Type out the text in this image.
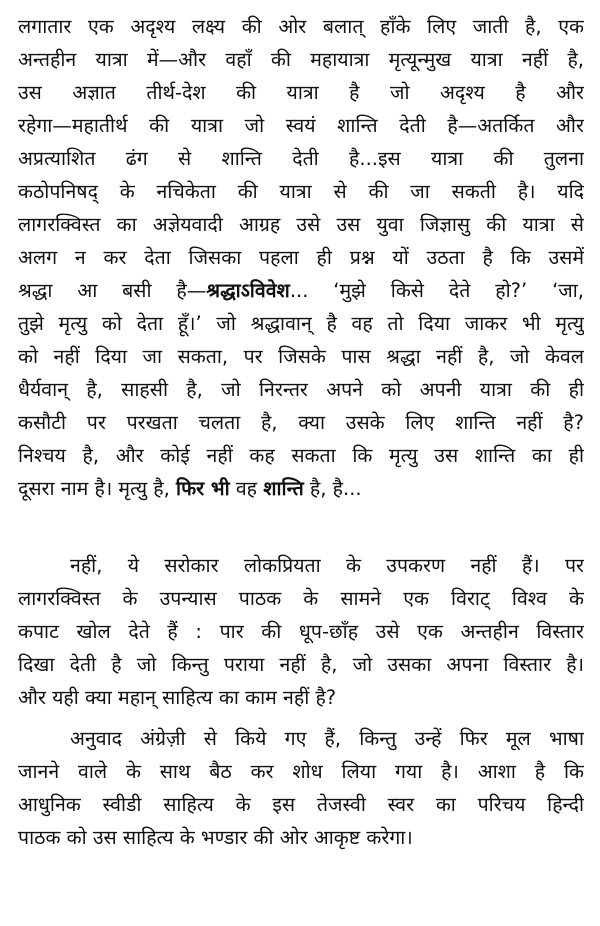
लगातार एक अदृश्य लक्ष्य की ओर बलात् हाँके लिए जाती है, एक
अन्तहीन यात्रा में—और वहाँ की महायात्रा मृत्यून्मुख यात्रा नहीं है,
उस अज्ञात तीर्थ-देश की यात्रा है जो अदृश्य है और
रहेगा—महातीर्थ की यात्रा जो स्वयं शान्ति देती है—अतर्कित और
अप्रत्याशित ढंग से शान्ति देती है...इस यात्रा की तुलना
कठोपनिषद् के नचिकेता की यात्रा से की जा सकती है। यदि
लागरक्विस्त का अज्ञेयवादी आग्रह उसे उस युवा जिज्ञासु की यात्रा से
अलग न कर देता जिसका पहला ही प्रश्न यों उठता है कि उसमें
श्रद्धा आ बसी है—श्रद्धाऽविवेश... ‘मुझे किसे देते हो?’ ‘जा,
तुझे मृत्यु को देता हूँ।’ जो श्रद्धावान् है वह तो दिया जाकर भी मृत्यु
को नहीं दिया जा सकता, पर जिसके पास श्रद्धा नहीं है, जो केवल
धैर्यवान् है, साहसी है, जो निरन्तर अपने को अपनी यात्रा की ही
कसौटी पर परखता चलता है, क्या उसके लिए शान्ति नहीं है?
निश्चय है, और कोई नहीं कह सकता कि मृत्यु उस शान्ति का ही
दूसरा नाम है। मृत्यु है, फिर भी वह शान्ति है, है...
नहीं, ये सरोकार लोकप्रियता के उपकरण नहीं हैं। पर
लागरक्विस्त के उपन्यास पाठक के सामने एक विराट् विश्व के
कपाट खोल देते हैं : पार की धूप-छाँह उसे एक अन्तहीन विस्तार
दिखा देती है जो किन्तु पराया नहीं है, जो उसका अपना विस्तार है।
और यही क्या महान् साहित्य का काम नहीं है?
अनुवाद अंग्रेज़ी से किये गए हैं, किन्तु उन्हें फिर मूल भाषा
जानने वाले के साथ बैठ कर शोध लिया गया है। आशा है कि
आधुनिक स्वीडी साहित्य के इस तेजस्वी स्वर का परिचय हिन्दी
पाठक को उस साहित्य के भण्डार की ओर आकृष्ट करेगा।
